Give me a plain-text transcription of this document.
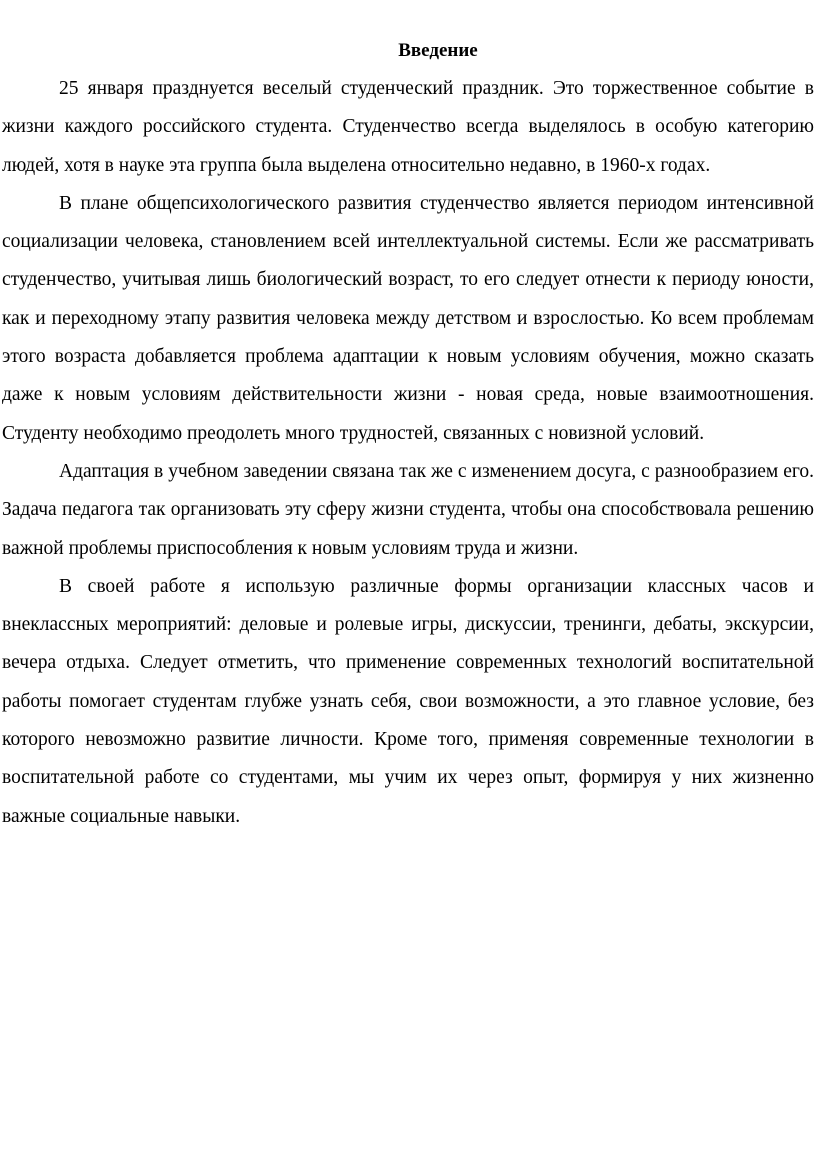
Введение

25 января празднуется веселый студенческий праздник. Это торжественное событие в жизни каждого российского студента. Студенчество всегда выделялось в особую категорию людей, хотя в науке эта группа была выделена относительно недавно, в 1960-х годах.

В плане общепсихологического развития студенчество является периодом интенсивной социализации человека, становлением всей интеллектуальной системы. Если же рассматривать студенчество, учитывая лишь биологический возраст, то его следует отнести к периоду юности, как и переходному этапу развития человека между детством и взрослостью. Ко всем проблемам этого возраста добавляется проблема адаптации к новым условиям обучения, можно сказать даже к новым условиям действительности жизни - новая среда, новые взаимоотношения. Студенту необходимо преодолеть много трудностей, связанных с новизной условий.

Адаптация в учебном заведении связана так же с изменением досуга, с разнообразием его. Задача педагога так организовать эту сферу жизни студента, чтобы она способствовала решению важной проблемы приспособления к новым условиям труда и жизни.

В своей работе я использую различные формы организации классных часов и внеклассных мероприятий: деловые и ролевые игры, дискуссии, тренинги, дебаты, экскурсии, вечера отдыха. Следует отметить, что применение современных технологий воспитательной работы помогает студентам глубже узнать себя, свои возможности, а это главное условие, без которого невозможно развитие личности. Кроме того, применяя современные технологии в воспитательной работе со студентами, мы учим их через опыт, формируя у них жизненно важные социальные навыки.
